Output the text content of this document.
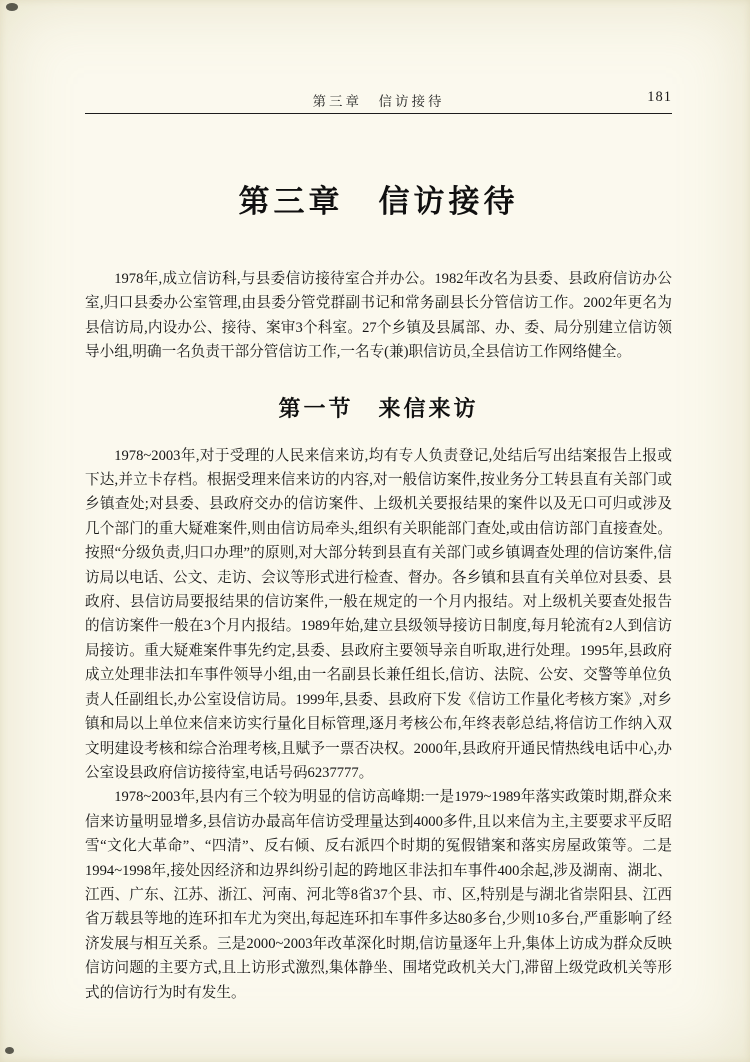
第三章　信访接待	181
第三章　信访接待

1978年,成立信访科,与县委信访接待室合并办公。1982年改名为县委、县政府信访办公室,归口县委办公室管理,由县委分管党群副书记和常务副县长分管信访工作。2002年更名为县信访局,内设办公、接待、案审3个科室。27个乡镇及县属部、办、委、局分别建立信访领导小组,明确一名负责干部分管信访工作,一名专(兼)职信访员,全县信访工作网络健全。

第一节　来信来访

1978~2003年,对于受理的人民来信来访,均有专人负责登记,处结后写出结案报告上报或下达,并立卡存档。根据受理来信来访的内容,对一般信访案件,按业务分工转县直有关部门或乡镇查处;对县委、县政府交办的信访案件、上级机关要报结果的案件以及无口可归或涉及几个部门的重大疑难案件,则由信访局牵头,组织有关职能部门查处,或由信访部门直接查处。按照“分级负责,归口办理”的原则,对大部分转到县直有关部门或乡镇调查处理的信访案件,信访局以电话、公文、走访、会议等形式进行检查、督办。各乡镇和县直有关单位对县委、县政府、县信访局要报结果的信访案件,一般在规定的一个月内报结。对上级机关要查处报告的信访案件一般在3个月内报结。1989年始,建立县级领导接访日制度,每月轮流有2人到信访局接访。重大疑难案件事先约定,县委、县政府主要领导亲自听取,进行处理。1995年,县政府成立处理非法扣车事件领导小组,由一名副县长兼任组长,信访、法院、公安、交警等单位负责人任副组长,办公室设信访局。1999年,县委、县政府下发《信访工作量化考核方案》,对乡镇和局以上单位来信来访实行量化目标管理,逐月考核公布,年终表彰总结,将信访工作纳入双文明建设考核和综合治理考核,且赋予一票否决权。2000年,县政府开通民情热线电话中心,办公室设县政府信访接待室,电话号码6237777。

1978~2003年,县内有三个较为明显的信访高峰期:一是1979~1989年落实政策时期,群众来信来访量明显增多,县信访办最高年信访受理量达到4000多件,且以来信为主,主要要求平反昭雪“文化大革命”、“四清”、反右倾、反右派四个时期的冤假错案和落实房屋政策等。二是1994~1998年,接处因经济和边界纠纷引起的跨地区非法扣车事件400余起,涉及湖南、湖北、江西、广东、江苏、浙江、河南、河北等8省37个县、市、区,特别是与湖北省崇阳县、江西省万载县等地的连环扣车尤为突出,每起连环扣车事件多达80多台,少则10多台,严重影响了经济发展与相互关系。三是2000~2003年改革深化时期,信访量逐年上升,集体上访成为群众反映信访问题的主要方式,且上访形式激烈,集体静坐、围堵党政机关大门,滞留上级党政机关等形式的信访行为时有发生。
